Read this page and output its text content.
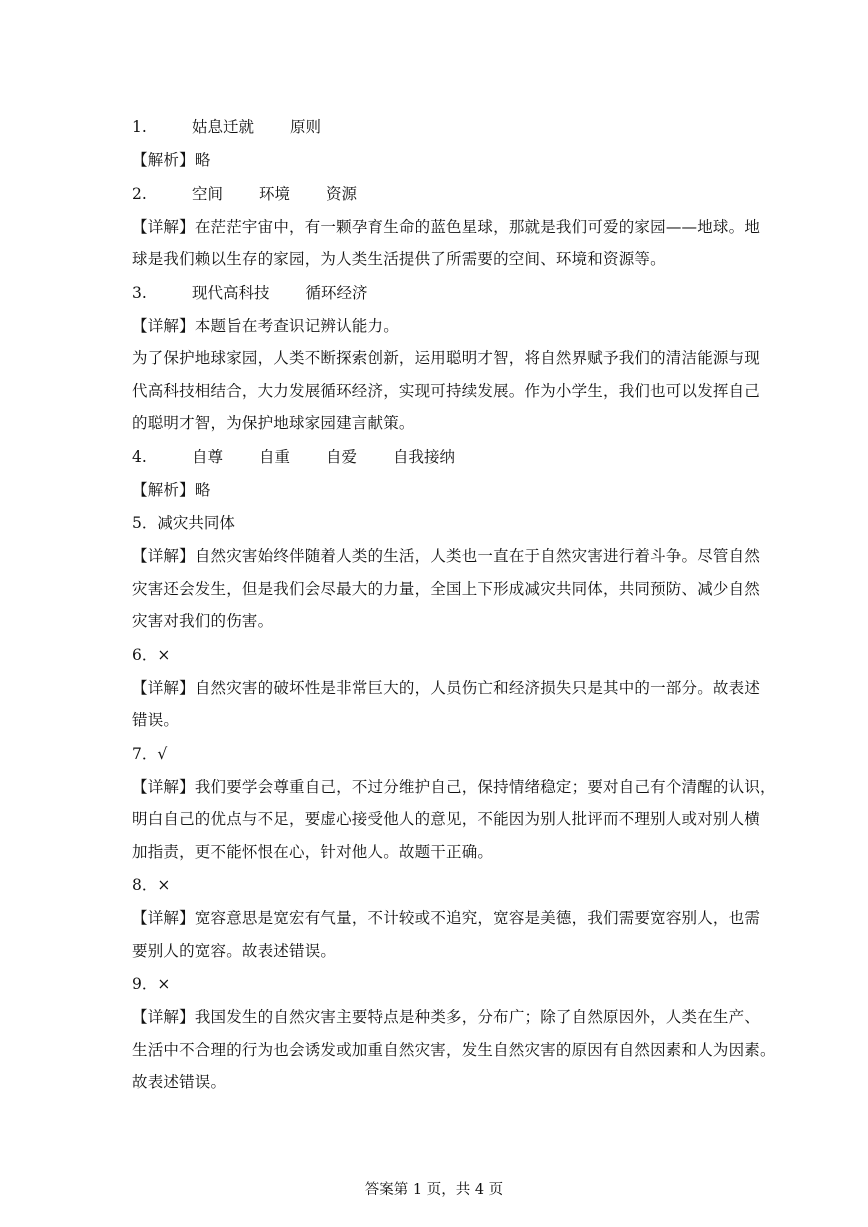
1.	姑息迁就 原则
【解析】略
2.	空间 环境 资源
【详解】在茫茫宇宙中，有一颗孕育生命的蓝色星球，那就是我们可爱的家园——地球。地
球是我们赖以生存的家园，为人类生活提供了所需要的空间、环境和资源等。
3.	现代高科技 循环经济
【详解】本题旨在考查识记辨认能力。
为了保护地球家园，人类不断探索创新，运用聪明才智，将自然界赋予我们的清洁能源与现
代高科技相结合，大力发展循环经济，实现可持续发展。作为小学生，我们也可以发挥自己
的聪明才智，为保护地球家园建言献策。
4.	自尊 自重 自爱 自我接纳
【解析】略
5．减灾共同体
【详解】自然灾害始终伴随着人类的生活，人类也一直在于自然灾害进行着斗争。尽管自然
灾害还会发生，但是我们会尽最大的力量，全国上下形成减灾共同体，共同预防、减少自然
灾害对我们的伤害。
6．×
【详解】自然灾害的破坏性是非常巨大的，人员伤亡和经济损失只是其中的一部分。故表述
错误。
7．√
【详解】我们要学会尊重自己，不过分维护自己，保持情绪稳定；要对自己有个清醒的认识，
明白自己的优点与不足，要虚心接受他人的意见，不能因为别人批评而不理别人或对别人横
加指责，更不能怀恨在心，针对他人。故题干正确。
8．×
【详解】宽容意思是宽宏有气量，不计较或不追究，宽容是美德，我们需要宽容别人，也需
要别人的宽容。故表述错误。
9．×
【详解】我国发生的自然灾害主要特点是种类多，分布广；除了自然原因外，人类在生产、
生活中不合理的行为也会诱发或加重自然灾害，发生自然灾害的原因有自然因素和人为因素。
故表述错误。
答案第 1 页，共 4 页
